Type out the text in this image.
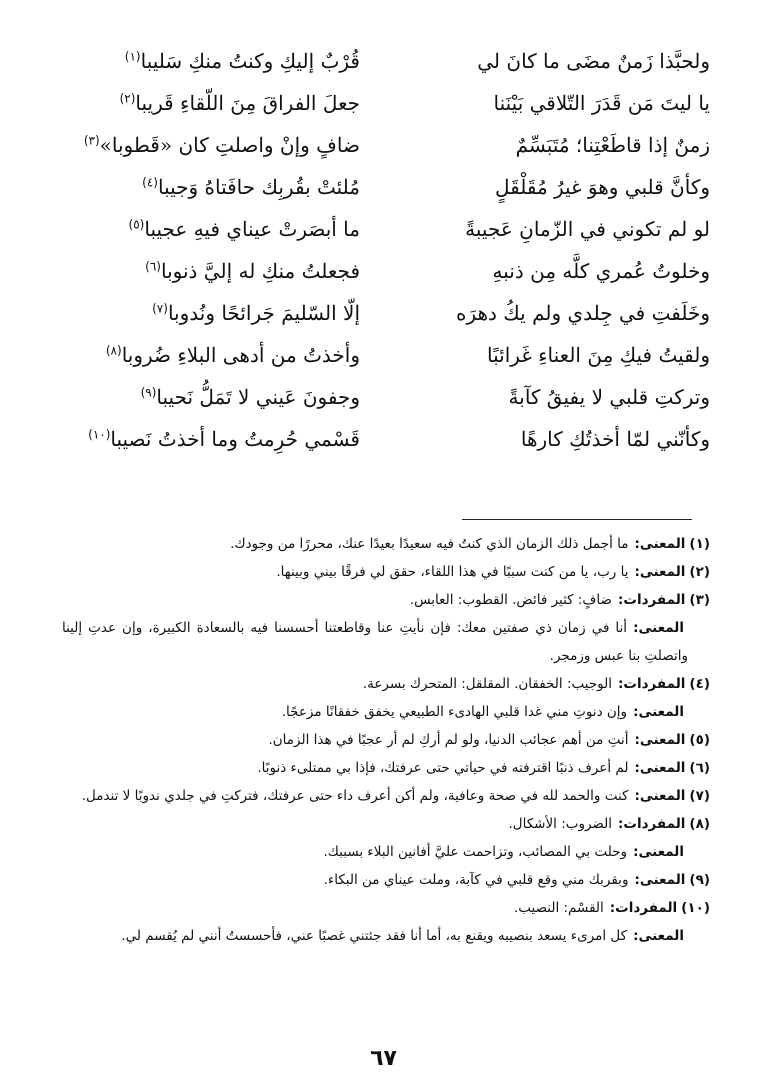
ولحبَّذا زَمنٌ مضَى ما كانَ لي
قُرْبٌ إليكِ وكنتُ منكِ سَليبا$^{(١)}$
يا ليتَ مَن قَدَرَ التّلاقي بَيْنَنا
جعلَ الفراقَ مِنَ اللّقاءِ قَريبا$^{(٢)}$
زمنٌ إذا قاطَعْتِنا؛ مُتَبَسِّمٌ
ضافٍ وإنْ واصلتِ كان «قَطوبا»$^{(٣)}$
وكأنَّ قلبي وهوَ غيرُ مُقَلْقَلٍ
مُلئتْ بقُربِك حافَتاهُ وَجيبا$^{(٤)}$
لو لم تكوني في الزّمانِ عَجيبةً
ما أبصَرتْ عيناي فيهِ عجيبا$^{(٥)}$
وخلوتُ عُمري كلَّه مِن ذنبهِ
فجعلتُ منكِ له إليَّ ذنوبا$^{(٦)}$
وخَلَفتِ في جِلدي ولم يكُ دهرَه
إلّا السّليمَ جَرائحًا ونُدوبا$^{(٧)}$
ولقيتُ فيكِ مِنَ العناءِ غَرائبًا
وأخذتُ من أدهى البلاءِ ضُروبا$^{(٨)}$
وتركتِ قلبي لا يفيقُ كآبةً
وجفونَ عَيني لا تَمَلُّ نَحيبا$^{(٩)}$
وكأنّني لمّا أخذتُكِ كارهًا
قَسْمي حُرِمتُ وما أخذتُ نَصيبا$^{(١٠)}$
(١)المعنى:ما أجمل ذلك الزمان الذي كنتُ فيه سعيدًا بعيدًا عنك، محررًا من وجودك.
(٢)المعنى:يا رب، يا من كنت سببًا في هذا اللقاء، حقق لي فرقًا بيني وبينها.
(٣)المفردات:ضافٍ: كثير فائض. القطوب: العابس.
المعنى:أنا في زمان ذي صفتين معك: فإن نأيتِ عنا وقاطعتنا أحسسنا فيه بالسعادة الكبيرة، وإن عدتِ إلينا واتصلتِ بنا عبس وزمجر.
(٤)المفردات:الوجيب: الخفقان. المقلقل: المتحرك بسرعة.
المعنى:وإن دنوتِ مني غدا قلبي الهادىء الطبيعي يخفق خفقانًا مزعجًا.
(٥)المعنى:أنتِ من أهم عجائب الدنيا، ولو لم أركِ لم أر عجبًا في هذا الزمان.
(٦)المعنى:لم أعرف ذنبًا اقترفته في حياتي حتى عرفتك، فإذا بي ممتلىء ذنوبًا.
(٧)المعنى:كنت والحمد لله في صحة وعافية، ولم أكن أعرف داء حتى عرفتك، فتركتِ في جلدي ندوبًا لا تندمل.
(٨)المفردات:الضروب: الأشكال.
المعنى:وحلت بي المصائب، وتزاحمت عليَّ أفانين البلاء بسببك.
(٩)المعنى:وبقربك مني وقع قلبي في كآبة، وملت عيناي من البكاء.
(١٠)المفردات:القسْم: النصيب.
المعنى:كل امرىء يسعد بنصيبه ويقنع به، أما أنا فقد جئتني غصبًا عني، فأحسستُ أنني لم يُقسم لي.
٦٧
